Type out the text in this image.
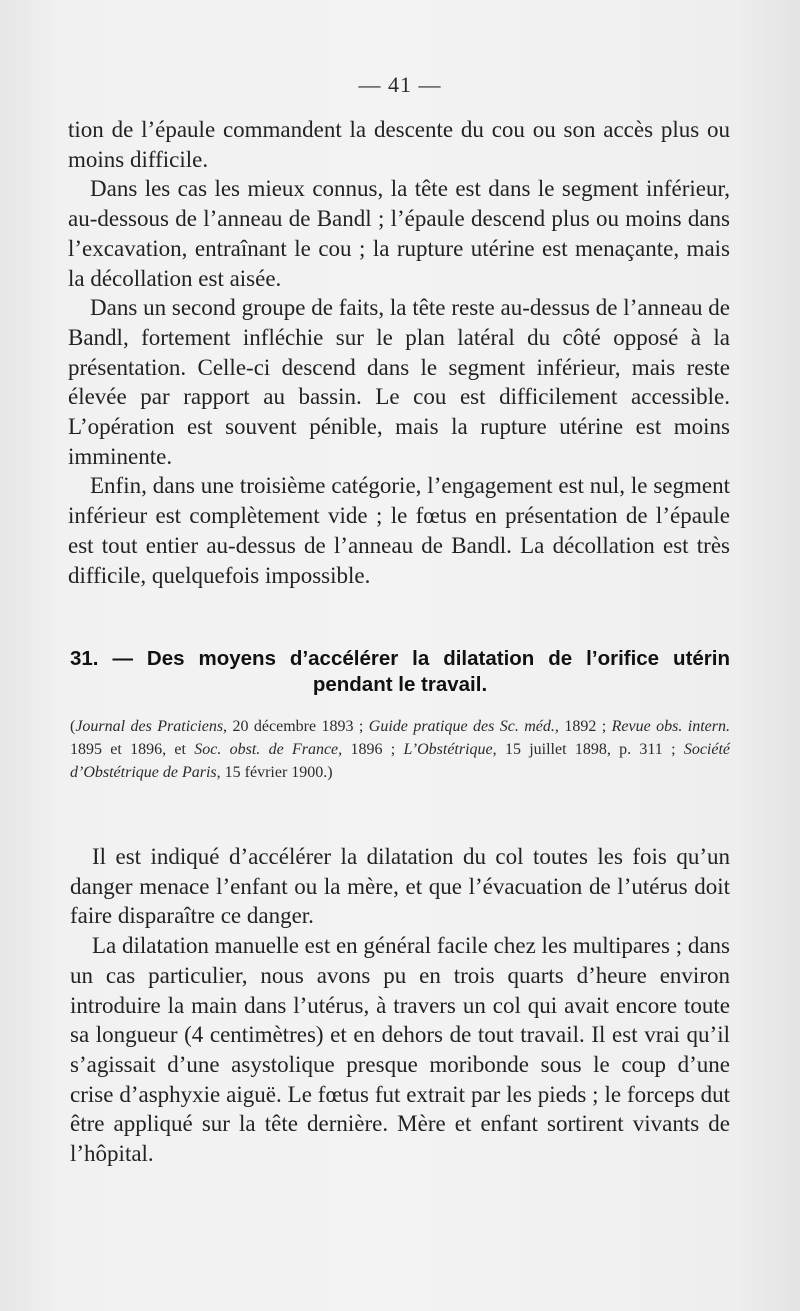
— 41 —

tion de l’épaule commandent la descente du cou ou son accès plus ou moins difficile.

Dans les cas les mieux connus, la tête est dans le segment inférieur, au-dessous de l’anneau de Bandl ; l’épaule descend plus ou moins dans l’excavation, entraînant le cou ; la rupture utérine est menaçante, mais la décollation est aisée.

Dans un second groupe de faits, la tête reste au-dessus de l’anneau de Bandl, fortement infléchie sur le plan latéral du côté opposé à la présentation. Celle-ci descend dans le segment inférieur, mais reste élevée par rapport au bassin. Le cou est difficilement accessible. L’opération est souvent pénible, mais la rupture utérine est moins imminente.

Enfin, dans une troisième catégorie, l’engagement est nul, le segment inférieur est complètement vide ; le fœtus en présentation de l’épaule est tout entier au-dessus de l’anneau de Bandl. La décollation est très difficile, quelquefois impossible.

31. — Des moyens d’accélérer la dilatation de l’orifice utérin
pendant le travail.
(Journal des Praticiens, 20 décembre 1893 ; Guide pratique des Sc. méd., 1892 ; Revue obs. intern. 1895 et 1896, et Soc. obst. de France, 1896 ; L’Obstétrique, 15 juillet 1898, p. 311 ; Société d’Obstétrique de Paris, 15 février 1900.)

Il est indiqué d’accélérer la dilatation du col toutes les fois qu’un danger menace l’enfant ou la mère, et que l’évacuation de l’utérus doit faire disparaître ce danger.

La dilatation manuelle est en général facile chez les multipares ; dans un cas particulier, nous avons pu en trois quarts d’heure environ introduire la main dans l’utérus, à travers un col qui avait encore toute sa longueur (4 centimètres) et en dehors de tout travail. Il est vrai qu’il s’agissait d’une asystolique presque moribonde sous le coup d’une crise d’asphyxie aiguë. Le fœtus fut extrait par les pieds ; le forceps dut être appliqué sur la tête dernière. Mère et enfant sortirent vivants de l’hôpital.
